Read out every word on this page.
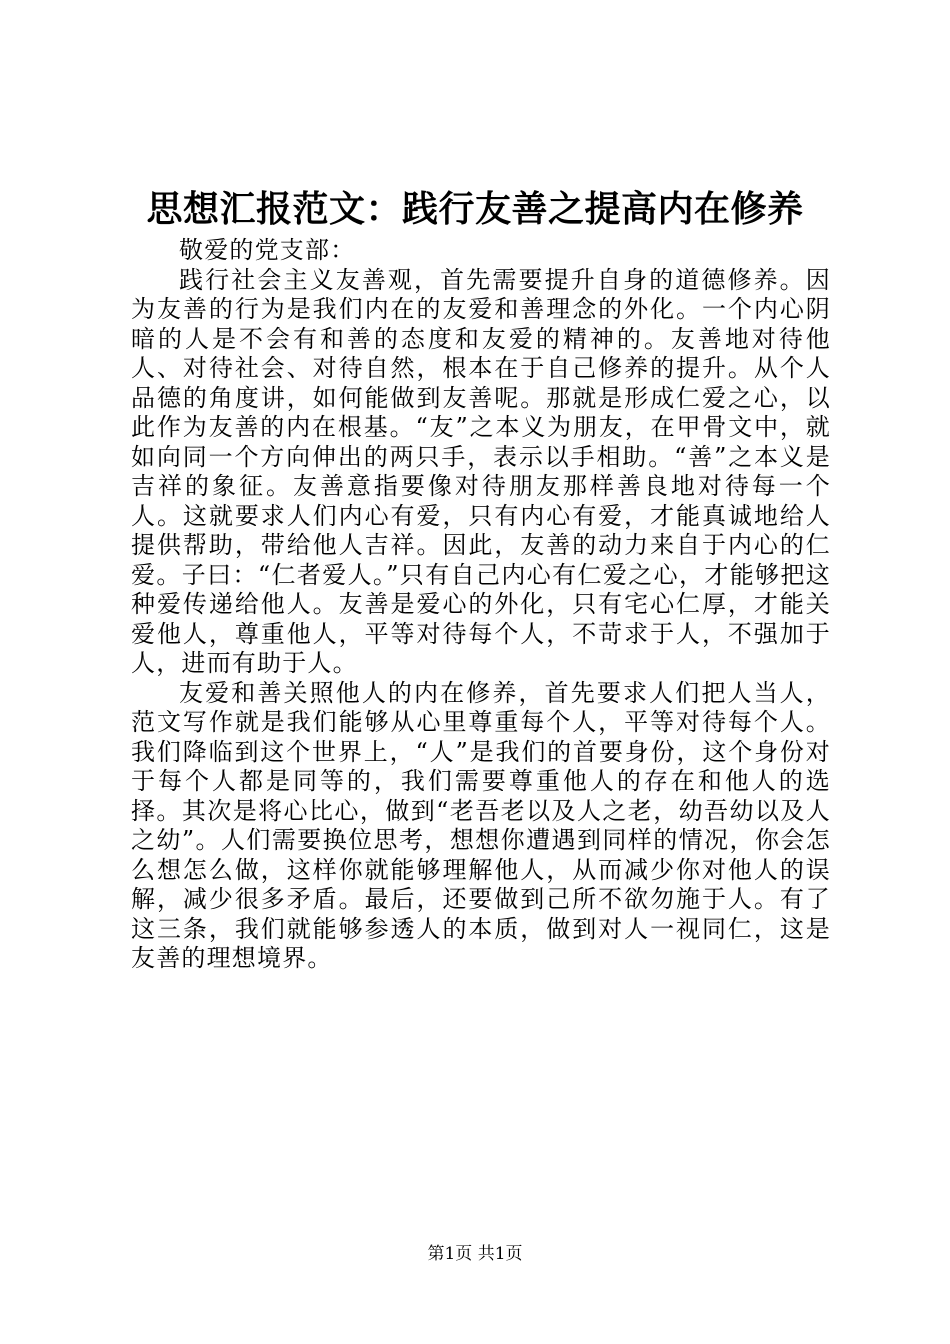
思想汇报范文：践行友善之提高内在修养

敬爱的党支部：

践行社会主义友善观，首先需要提升自身的道德修养。因为友善的行为是我们内在的友爱和善理念的外化。一个内心阴暗的人是不会有和善的态度和友爱的精神的。友善地对待他人、对待社会、对待自然，根本在于自己修养的提升。从个人品德的角度讲，如何能做到友善呢。那就是形成仁爱之心，以此作为友善的内在根基。“友”之本义为朋友，在甲骨文中，就如向同一个方向伸出的两只手，表示以手相助。“善”之本义是吉祥的象征。友善意指要像对待朋友那样善良地对待每一个人。这就要求人们内心有爱，只有内心有爱，才能真诚地给人提供帮助，带给他人吉祥。因此，友善的动力来自于内心的仁爱。子曰：“仁者爱人。”只有自己内心有仁爱之心，才能够把这种爱传递给他人。友善是爱心的外化，只有宅心仁厚，才能关爱他人，尊重他人，平等对待每个人，不苛求于人，不强加于人，进而有助于人。

友爱和善关照他人的内在修养，首先要求人们把人当人，范文写作就是我们能够从心里尊重每个人，平等对待每个人。我们降临到这个世界上，“人”是我们的首要身份，这个身份对于每个人都是同等的，我们需要尊重他人的存在和他人的选择。其次是将心比心，做到“老吾老以及人之老，幼吾幼以及人之幼”。人们需要换位思考，想想你遭遇到同样的情况，你会怎么想怎么做，这样你就能够理解他人，从而减少你对他人的误解，减少很多矛盾。最后，还要做到己所不欲勿施于人。有了这三条，我们就能够参透人的本质，做到对人一视同仁，这是友善的理想境界。

第1页 共1页
